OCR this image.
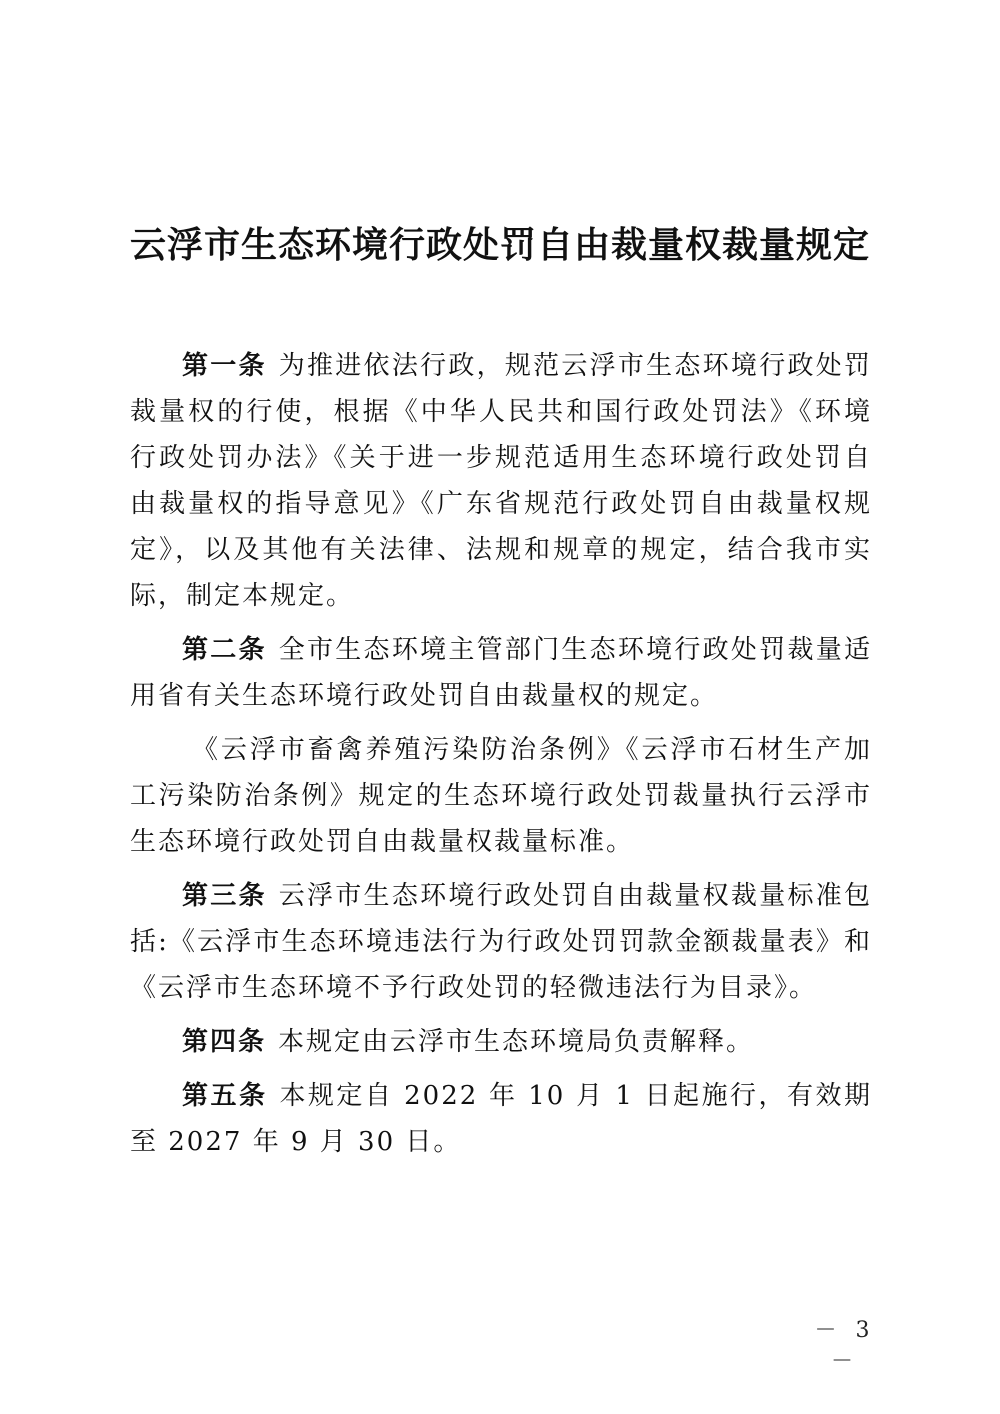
云浮市生态环境行政处罚自由裁量权裁量规定

第一条 为推进依法行政，规范云浮市生态环境行政处罚裁量权的行使，根据《中华人民共和国行政处罚法》《环境行政处罚办法》《关于进一步规范适用生态环境行政处罚自由裁量权的指导意见》《广东省规范行政处罚自由裁量权规定》，以及其他有关法律、法规和规章的规定，结合我市实际，制定本规定。

第二条 全市生态环境主管部门生态环境行政处罚裁量适用省有关生态环境行政处罚自由裁量权的规定。

《云浮市畜禽养殖污染防治条例》《云浮市石材生产加工污染防治条例》规定的生态环境行政处罚裁量执行云浮市生态环境行政处罚自由裁量权裁量标准。

第三条 云浮市生态环境行政处罚自由裁量权裁量标准包括:《云浮市生态环境违法行为行政处罚罚款金额裁量表》和《云浮市生态环境不予行政处罚的轻微违法行为目录》。

第四条 本规定由云浮市生态环境局负责解释。

第五条 本规定自 2022 年 10 月 1 日起施行，有效期至 2027 年 9 月 30 日。

－ 3 －
